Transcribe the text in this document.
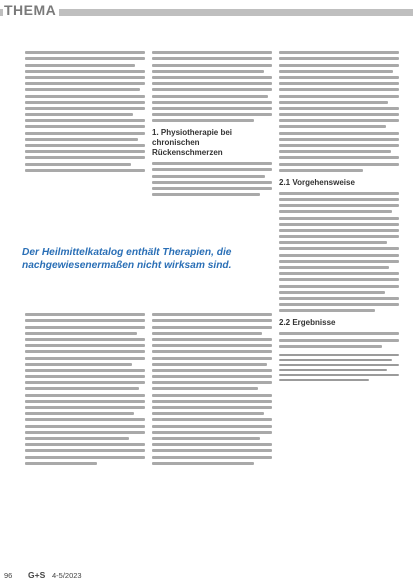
THEMA
1. Physiotherapie bei chronischen Rückenschmerzen
2.1 Vorgehensweise
2.2 Ergebnisse
Der Heilmittelkatalog enthält Therapien, die nachgewiesenermaßen nicht wirksam sind.
96 G+S 4-5/2023
